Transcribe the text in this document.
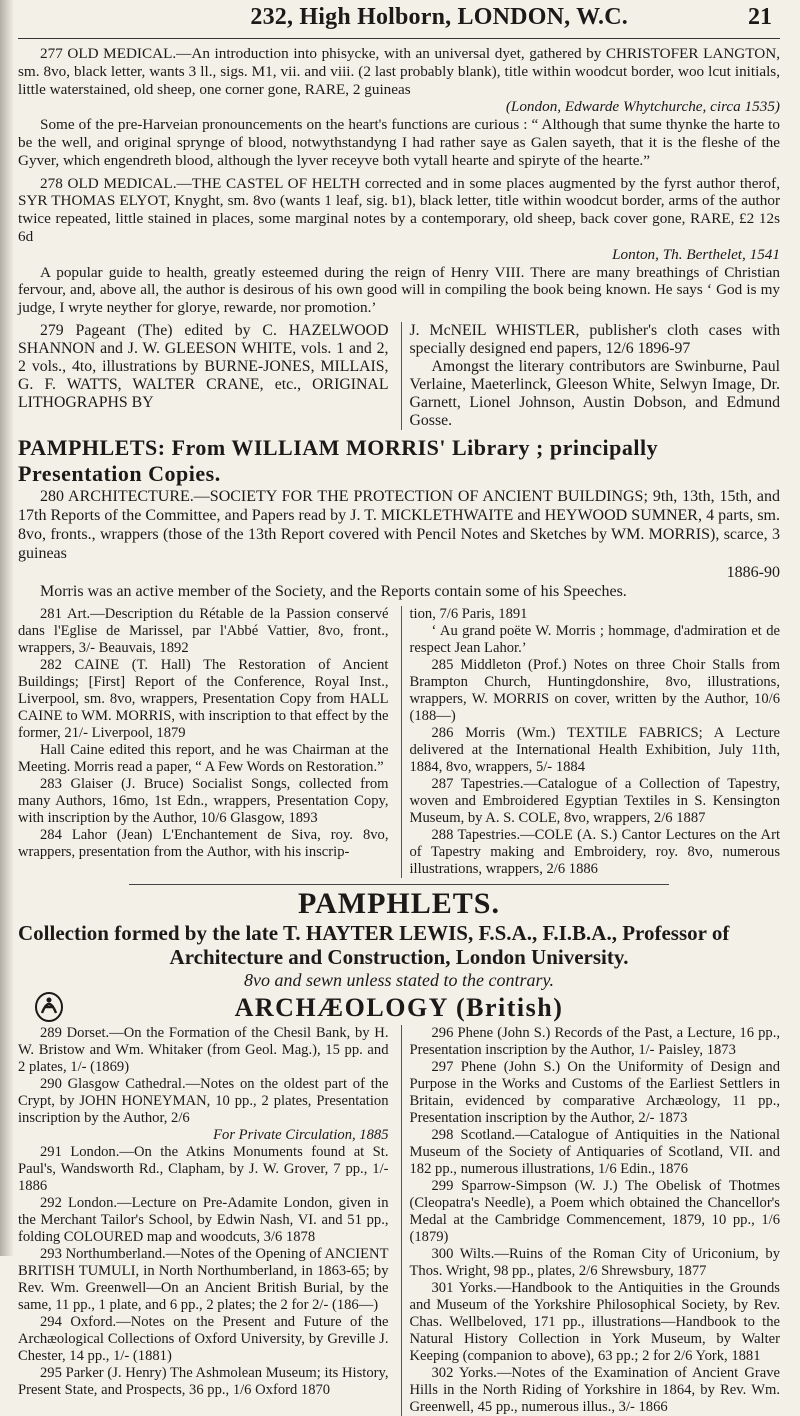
232, High Holborn, LONDON, W.C.	21

277 OLD MEDICAL.—An introduction into phisycke, with an universal dyet, gathered by CHRISTOFER LANGTON, sm. 8vo, black letter, wants 3 ll., sigs. M1, vii. and viii. (2 last probably blank), title within woodcut border, woo lcut initials, little waterstained, old sheep, one corner gone, RARE, 2 guineas

(London, Edwarde Whytchurche, circa 1535)

Some of the pre-Harveian pronouncements on the heart's functions are curious : “ Although that sume thynke the harte to be the well, and original sprynge of blood, notwythstandyng I had rather saye as Galen sayeth, that it is the fleshe of the Gyver, which engendreth blood, although the lyver receyve both vytall hearte and spiryte of the hearte.”

278 OLD MEDICAL.—THE CASTEL OF HELTH corrected and in some places augmented by the fyrst author therof, SYR THOMAS ELYOT, Knyght, sm. 8vo (wants 1 leaf, sig. b1), black letter, title within woodcut border, arms of the author twice repeated, little stained in places, some marginal notes by a contemporary, old sheep, back cover gone, RARE, £2 12s 6d

Lonton, Th. Berthelet, 1541

A popular guide to health, greatly esteemed during the reign of Henry VIII. There are many breathings of Christian fervour, and, above all, the author is desirous of his own good will in compiling the book being known. He says ‘ God is my judge, I wryte neyther for glorye, rewarde, nor promotion.’

279 Pageant (The) edited by C. HAZELWOOD SHANNON and J. W. GLEESON WHITE, vols. 1 and 2, 2 vols., 4to, illustrations by BURNE-JONES, MILLAIS, G. F. WATTS, WALTER CRANE, etc., ORIGINAL LITHOGRAPHS BY

J. McNEIL WHISTLER, publisher's cloth cases with specially designed end papers, 12/6 1896-97

Amongst the literary contributors are Swinburne, Paul Verlaine, Maeterlinck, Gleeson White, Selwyn Image, Dr. Garnett, Lionel Johnson, Austin Dobson, and Edmund Gosse.

PAMPHLETS: From WILLIAM MORRIS' Library ; principally Presentation Copies.

280 ARCHITECTURE.—SOCIETY FOR THE PROTECTION OF ANCIENT BUILDINGS; 9th, 13th, 15th, and 17th Reports of the Committee, and Papers read by J. T. MICKLETHWAITE and HEYWOOD SUMNER, 4 parts, sm. 8vo, fronts., wrappers (those of the 13th Report covered with Pencil Notes and Sketches by WM. MORRIS), scarce, 3 guineas

1886-90

Morris was an active member of the Society, and the Reports contain some of his Speeches.

281 Art.—Description du Rétable de la Passion conservé dans l'Eglise de Marissel, par l'Abbé Vattier, 8vo, front., wrappers, 3/- Beauvais, 1892

282 CAINE (T. Hall) The Restoration of Ancient Buildings; [First] Report of the Conference, Royal Inst., Liverpool, sm. 8vo, wrappers, Presentation Copy from HALL CAINE to WM. MORRIS, with inscription to that effect by the former, 21/- Liverpool, 1879

Hall Caine edited this report, and he was Chairman at the Meeting. Morris read a paper, “ A Few Words on Restoration.”

283 Glaiser (J. Bruce) Socialist Songs, collected from many Authors, 16mo, 1st Edn., wrappers, Presentation Copy, with inscription by the Author, 10/6 Glasgow, 1893

284 Lahor (Jean) L'Enchantement de Siva, roy. 8vo, wrappers, presentation from the Author, with his inscrip-

tion, 7/6 Paris, 1891

‘ Au grand poëte W. Morris ; hommage, d'admiration et de respect Jean Lahor.’

285 Middleton (Prof.) Notes on three Choir Stalls from Brampton Church, Huntingdonshire, 8vo, illustrations, wrappers, W. MORRIS on cover, written by the Author, 10/6 (188—)

286 Morris (Wm.) TEXTILE FABRICS; A Lecture delivered at the International Health Exhibition, July 11th, 1884, 8vo, wrappers, 5/- 1884

287 Tapestries.—Catalogue of a Collection of Tapestry, woven and Embroidered Egyptian Textiles in S. Kensington Museum, by A. S. COLE, 8vo, wrappers, 2/6 1887

288 Tapestries.—COLE (A. S.) Cantor Lectures on the Art of Tapestry making and Embroidery, roy. 8vo, numerous illustrations, wrappers, 2/6 1886

PAMPHLETS.

Collection formed by the late T. HAYTER LEWIS, F.S.A., F.I.B.A., Professor of

Architecture and Construction, London University.

8vo and sewn unless stated to the contrary.

ARCHÆOLOGY (British)

289 Dorset.—On the Formation of the Chesil Bank, by H. W. Bristow and Wm. Whitaker (from Geol. Mag.), 15 pp. and 2 plates, 1/- (1869)

290 Glasgow Cathedral.—Notes on the oldest part of the Crypt, by JOHN HONEYMAN, 10 pp., 2 plates, Presentation inscription by the Author, 2/6

For Private Circulation, 1885

291 London.—On the Atkins Monuments found at St. Paul's, Wandsworth Rd., Clapham, by J. W. Grover, 7 pp., 1/- 1886

292 London.—Lecture on Pre-Adamite London, given in the Merchant Tailor's School, by Edwin Nash, VI. and 51 pp., folding COLOURED map and woodcuts, 3/6 1878

293 Northumberland.—Notes of the Opening of ANCIENT BRITISH TUMULI, in North Northumberland, in 1863-65; by Rev. Wm. Greenwell—On an Ancient British Burial, by the same, 11 pp., 1 plate, and 6 pp., 2 plates; the 2 for 2/- (186—)

294 Oxford.—Notes on the Present and Future of the Archæological Collections of Oxford University, by Greville J. Chester, 14 pp., 1/- (1881)

295 Parker (J. Henry) The Ashmolean Museum; its History, Present State, and Prospects, 36 pp., 1/6 Oxford 1870

296 Phene (John S.) Records of the Past, a Lecture, 16 pp., Presentation inscription by the Author, 1/- Paisley, 1873

297 Phene (John S.) On the Uniformity of Design and Purpose in the Works and Customs of the Earliest Settlers in Britain, evidenced by comparative Archæology, 11 pp., Presentation inscription by the Author, 2/- 1873

298 Scotland.—Catalogue of Antiquities in the National Museum of the Society of Antiquaries of Scotland, VII. and 182 pp., numerous illustrations, 1/6 Edin., 1876

299 Sparrow-Simpson (W. J.) The Obelisk of Thotmes (Cleopatra's Needle), a Poem which obtained the Chancellor's Medal at the Cambridge Commencement, 1879, 10 pp., 1/6 (1879)

300 Wilts.—Ruins of the Roman City of Uriconium, by Thos. Wright, 98 pp., plates, 2/6 Shrewsbury, 1877

301 Yorks.—Handbook to the Antiquities in the Grounds and Museum of the Yorkshire Philosophical Society, by Rev. Chas. Wellbeloved, 171 pp., illustrations—Handbook to the Natural History Collection in York Museum, by Walter Keeping (companion to above), 63 pp.; 2 for 2/6 York, 1881

302 Yorks.—Notes of the Examination of Ancient Grave Hills in the North Riding of Yorkshire in 1864, by Rev. Wm. Greenwell, 45 pp., numerous illus., 3/- 1866
